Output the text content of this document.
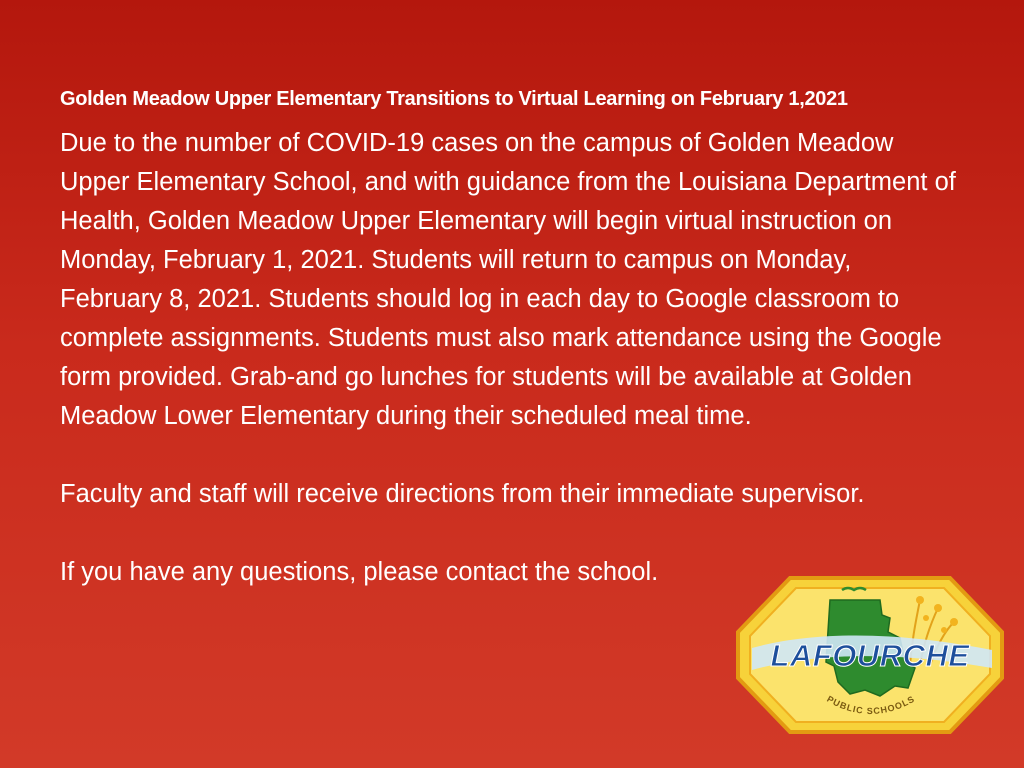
Golden Meadow Upper Elementary Transitions to Virtual Learning on February 1,2021

Due to the number of COVID-19 cases on the campus of Golden Meadow Upper Elementary School, and with guidance from the Louisiana Department of Health, Golden Meadow Upper Elementary will begin virtual instruction on Monday, February 1, 2021. Students will return to campus on Monday, February 8, 2021. Students should log in each day to Google classroom to complete assignments. Students must also mark attendance using the Google form provided. Grab-and go lunches for students will be available at Golden Meadow Lower Elementary during their scheduled meal time.

Faculty and staff will receive directions from their immediate supervisor.

If you have any questions, please contact the school.

LAFOURCHE
PUBLIC SCHOOLS
